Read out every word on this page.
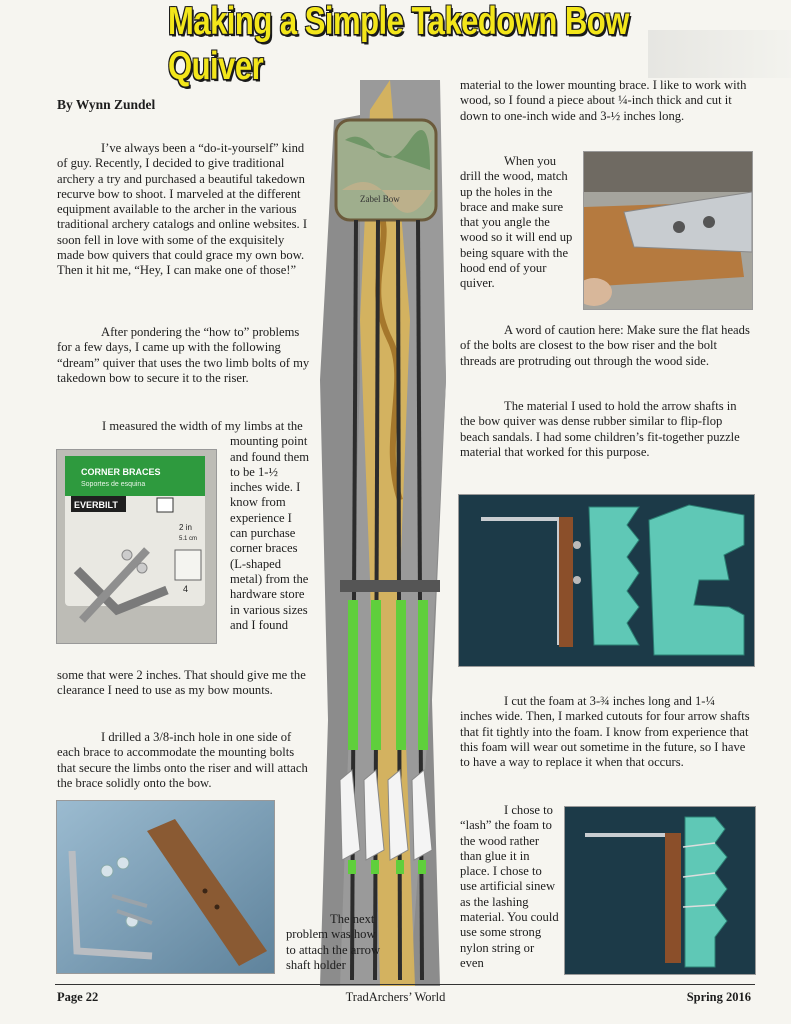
Making a Simple Takedown Bow Quiver
By Wynn Zundel

I’ve always been a “do-it-yourself” kind of guy. Recently, I decided to give traditional archery a try and purchased a beautiful takedown recurve bow to shoot. I marveled at the different equipment available to the archer in the various traditional archery catalogs and online websites. I soon fell in love with some of the exquisitely made bow quivers that could grace my own bow. Then it hit me, “Hey, I can make one of those!”

After pondering the “how to” problems for a few days, I came up with the following “dream” quiver that uses the two limb bolts of my takedown bow to secure it to the riser.

I measured the width of my limbs at the mounting point and found them to be 1-½ inches wide. I know from experience I can purchase corner braces (L-shaped metal) from the hardware store in various sizes and I found

some that were 2 inches. That should give me the clearance I need to use as my bow mounts.

I drilled a 3/8-inch hole in one side of each brace to accommodate the mounting bolts that secure the limbs onto the riser and will attach the brace solidly onto the bow.

CORNER BRACES
Soportes de esquina
EVERBILT
2 in
5.1 cm
4
Zabel Bow

The next problem was how to attach the arrow shaft holder

material to the lower mounting brace. I like to work with wood, so I found a piece about ¼-inch thick and cut it down to one-inch wide and 3-½ inches long.

When you drill the wood, match up the holes in the brace and make sure that you angle the wood so it will end up being square with the hood end of your quiver.

A word of caution here: Make sure the flat heads of the bolts are closest to the bow riser and the bolt threads are protruding out through the wood side.

The material I used to hold the arrow shafts in the bow quiver was dense rubber similar to flip-flop beach sandals. I had some children’s fit-together puzzle material that worked for this purpose.

I cut the foam at 3-¾ inches long and 1-¼ inches wide. Then, I marked cutouts for four arrow shafts that fit tightly into the foam. I know from experience that this foam will wear out sometime in the future, so I have to have a way to replace it when that occurs.

I chose to “lash” the foam to the wood rather than glue it in place. I chose to use artificial sinew as the lashing material. You could use some strong nylon string or even

Page 22	TradArchers’ World	Spring 2016
